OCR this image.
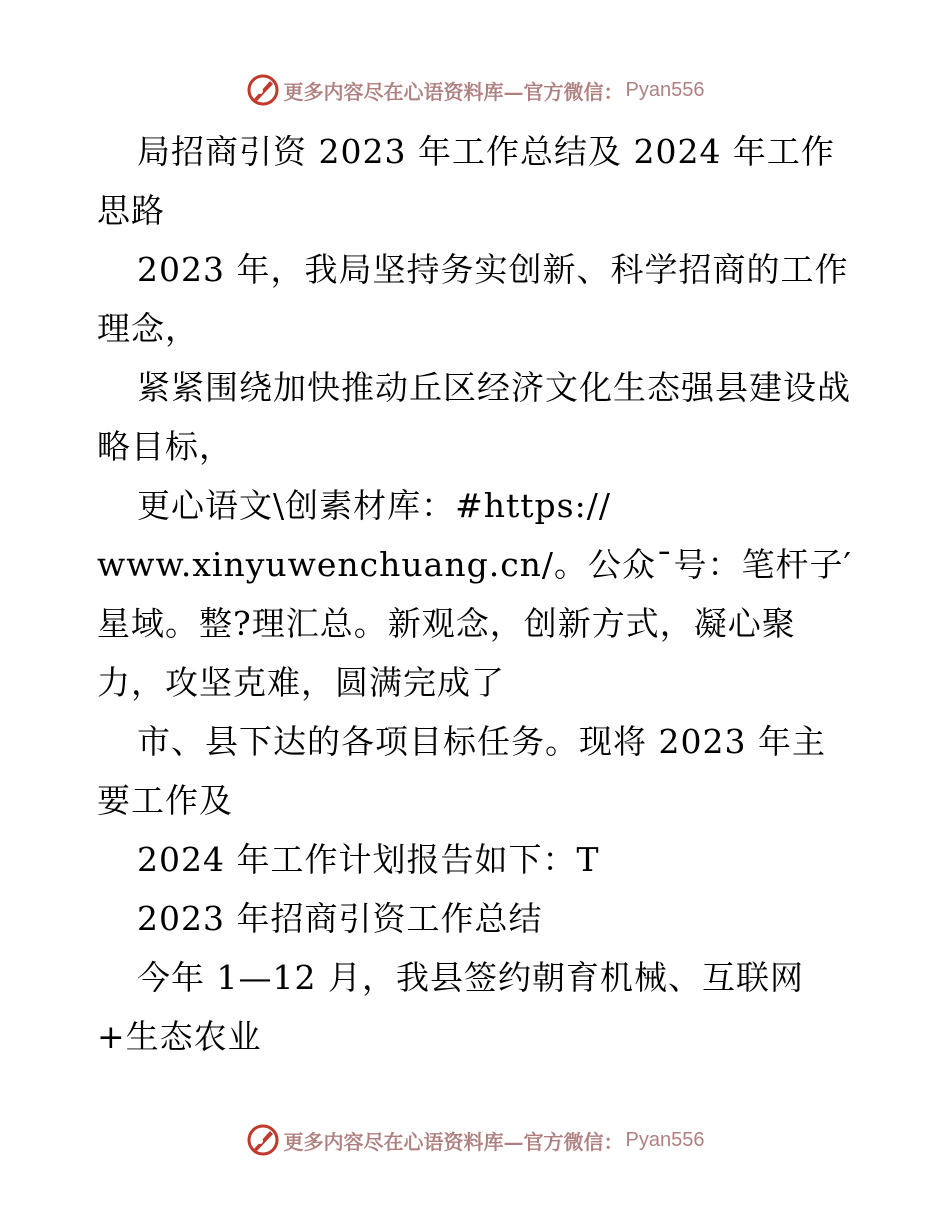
更多内容尽在心语资料库—官方微信： Pyan556

局招商引资 2023 年工作总结及 2024 年工作思路

2023 年，我局坚持务实创新、科学招商的工作理念，

紧紧围绕加快推动丘区经济文化生态强县建设战略目标，

更心语文\创素材库：#https://

www.xinyuwenchuang.cn/。公众¯号：笔杆子′星域。整?理汇总。新观念，创新方式，凝心聚力，攻坚克难，圆满完成了

市、县下达的各项目标任务。现将 2023 年主要工作及

2024 年工作计划报告如下：T

2023 年招商引资工作总结

今年 1—12 月，我县签约朝育机械、互联网+生态农业

更多内容尽在心语资料库—官方微信： Pyan556
